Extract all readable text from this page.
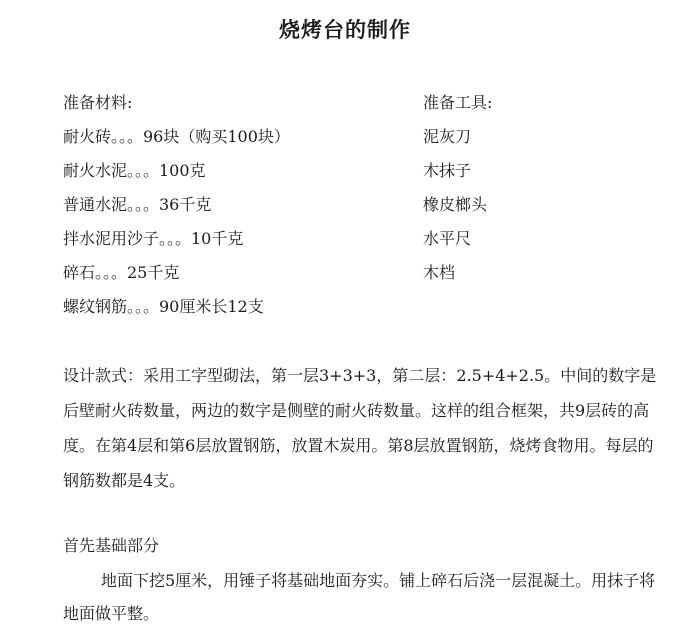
烧烤台的制作
准备材料:
耐火砖。。。96块（购买100块）
耐火水泥。。。100克
普通水泥。。。36千克
拌水泥用沙子。。。10千克
碎石。。。25千克
螺纹钢筋。。。90厘米长12支
准备工具:
泥灰刀
木抹子
橡皮榔头
水平尺
木档
设计款式：采用工字型砌法，第一层3+3+3，第二层：2.5+4+2.5。中间的数字是后壁耐火砖数量，两边的数字是侧壁的耐火砖数量。这样的组合框架，共9层砖的高度。在第4层和第6层放置钢筋，放置木炭用。第8层放置钢筋，烧烤食物用。每层的钢筋数都是4支。
首先基础部分
地面下挖5厘米，用锤子将基础地面夯实。铺上碎石后浇一层混凝土。用抹子将地面做平整。
